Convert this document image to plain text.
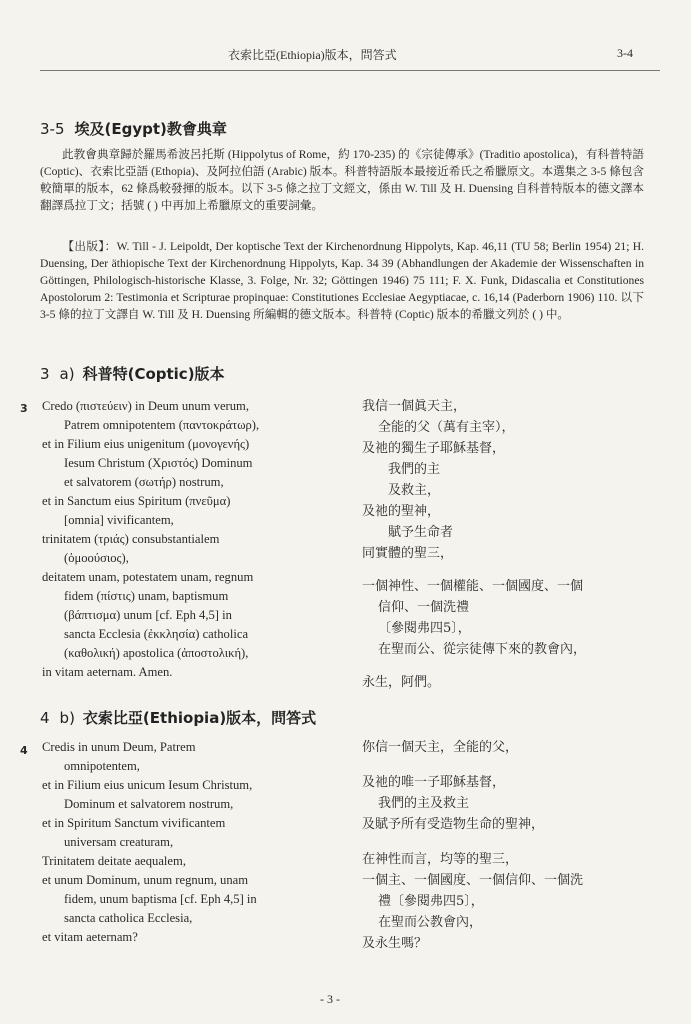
衣索比亞(Ethiopia)版本，問答式	3-4
3-5 埃及(Egypt)教會典章

此教會典章歸於羅馬希波呂托斯 (Hippolytus of Rome，約 170-235) 的《宗徒傳承》(Traditio apostolica)，有科普特語 (Coptic)、衣索比亞語 (Ethopia)、及阿拉伯語 (Arabic) 版本。科普特語版本最接近希氏之希臘原文。本選集之 3-5 條包含較簡單的版本，62 條爲較發揮的版本。以下 3-5 條之拉丁文經文，係由 W. Till 及 H. Duensing 自科普特版本的德文譯本翻譯爲拉丁文；括號 ( ) 中再加上希臘原文的重要詞彙。

【出版】：W. Till - J. Leipoldt, Der koptische Text der Kirchenordnung Hippolyts, Kap. 46,11 (TU 58; Berlin 1954) 21; H. Duensing, Der äthiopische Text der Kirchenordnung Hippolyts, Kap. 34 39 (Abhandlungen der Akademie der Wissenschaften in Göttingen, Philologisch-historische Klasse, 3. Folge, Nr. 32; Göttingen 1946) 75 111; F. X. Funk, Didascalia et Constitutiones Apostolorum 2: Testimonia et Scripturae propinquae: Constitutiones Ecclesiae Aegyptiacae, c. 16,14 (Paderborn 1906) 110. 以下 3-5 條的拉丁文譯自 W. Till 及 H. Duensing 所編輯的德文版本。科普特 (Coptic) 版本的希臘文列於 ( ) 中。

3 a) 科普特(Coptic)版本
3 Credo (πιστεύειν) in Deum unum verum,
Patrem omnipotentem (παντοκράτωρ),
et in Filium eius unigenitum (μονογενής)
Iesum Christum (Χριστός) Dominum
et salvatorem (σωτήρ) nostrum,
et in Sanctum eius Spiritum (πνεῦμα)
[omnia] vivificantem,
trinitatem (τριάς) consubstantialem
(ὁμοούσιος),
deitatem unam, potestatem unam, regnum
fidem (πίστις) unam, baptismum
(βάπτισμα) unum [cf. Eph 4,5] in
sancta Ecclesia (ἐκκλησία) catholica
(καθολική) apostolica (ἀποστολική),
in vitam aeternam. Amen.
我信一個眞天主，
全能的父（萬有主宰），
及祂的獨生子耶穌基督，
我們的主
及救主，
及祂的聖神，
賦予生命者
同實體的聖三，
一個神性、一個權能、一個國度、一個
信仰、一個洗禮
〔參閱弗四5〕，
在聖而公、從宗徒傳下來的教會內，
永生，阿們。
4 b) 衣索比亞(Ethiopia)版本，問答式
4 Credis in unum Deum, Patrem
omnipotentem,
et in Filium eius unicum Iesum Christum,
Dominum et salvatorem nostrum,
et in Spiritum Sanctum vivificantem
universam creaturam,
Trinitatem deitate aequalem,
et unum Dominum, unum regnum, unam
fidem, unum baptisma [cf. Eph 4,5] in
sancta catholica Ecclesia,
et vitam aeternam?
你信一個天主，全能的父，
及祂的唯一子耶穌基督，
我們的主及救主
及賦予所有受造物生命的聖神，
在神性而言，均等的聖三，
一個主、一個國度、一個信仰、一個洗
禮〔參閱弗四5〕，
在聖而公教會內，
及永生嗎？
- 3 -
